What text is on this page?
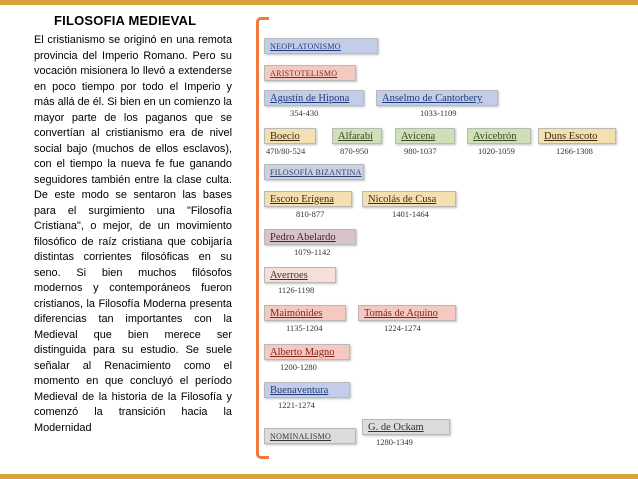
FILOSOFIA MEDIEVAL

El cristianismo se originó en una remota provincia del Imperio Romano. Pero su vocación misionera lo llevó a extenderse en poco tiempo por todo el Imperio y más allá de él. Si bien en un comienzo la mayor parte de los paganos que se convertían al cristianismo era de nivel social bajo (muchos de ellos esclavos), con el tiempo la nueva fe fue ganando seguidores también entre la clase culta. De este modo se sentaron las bases para el surgimiento una "Filosofía Cristiana", o mejor, de un movimiento filosófico de raíz cristiana que cobijaría distintas corrientes filosóficas en su seno. Si bien muchos filósofos modernos y contemporáneos fueron cristianos, la Filosofía Moderna presenta diferencias tan importantes con la Medieval que bien merece ser distinguida para su estudio. Se suele señalar al Renacimiento como el momento en que concluyó el período Medieval de la historia de la Filosofía y comenzó la transición hacia la Modernidad

NEOPLATONISMO
ARISTOTELISMO
FILOSOFÍA BIZANTINA
NOMINALISMO
Agustín de Hipona
354-430
Anselmo de Cantorbery
1033-1109
Boecio
470/80-524
Alfarabí
870-950
Avicena
980-1037
Avicebrón
1020-1059
Duns Escoto
1266-1308
Escoto Erígena
810-877
Nicolás de Cusa
1401-1464
Pedro Abelardo
1079-1142
Averroes
1126-1198
Maimónides
1135-1204
Tomás de Aquino
1224-1274
Alberto Magno
1200-1280
Buenaventura
1221-1274
G. de Ockam
1280-1349
